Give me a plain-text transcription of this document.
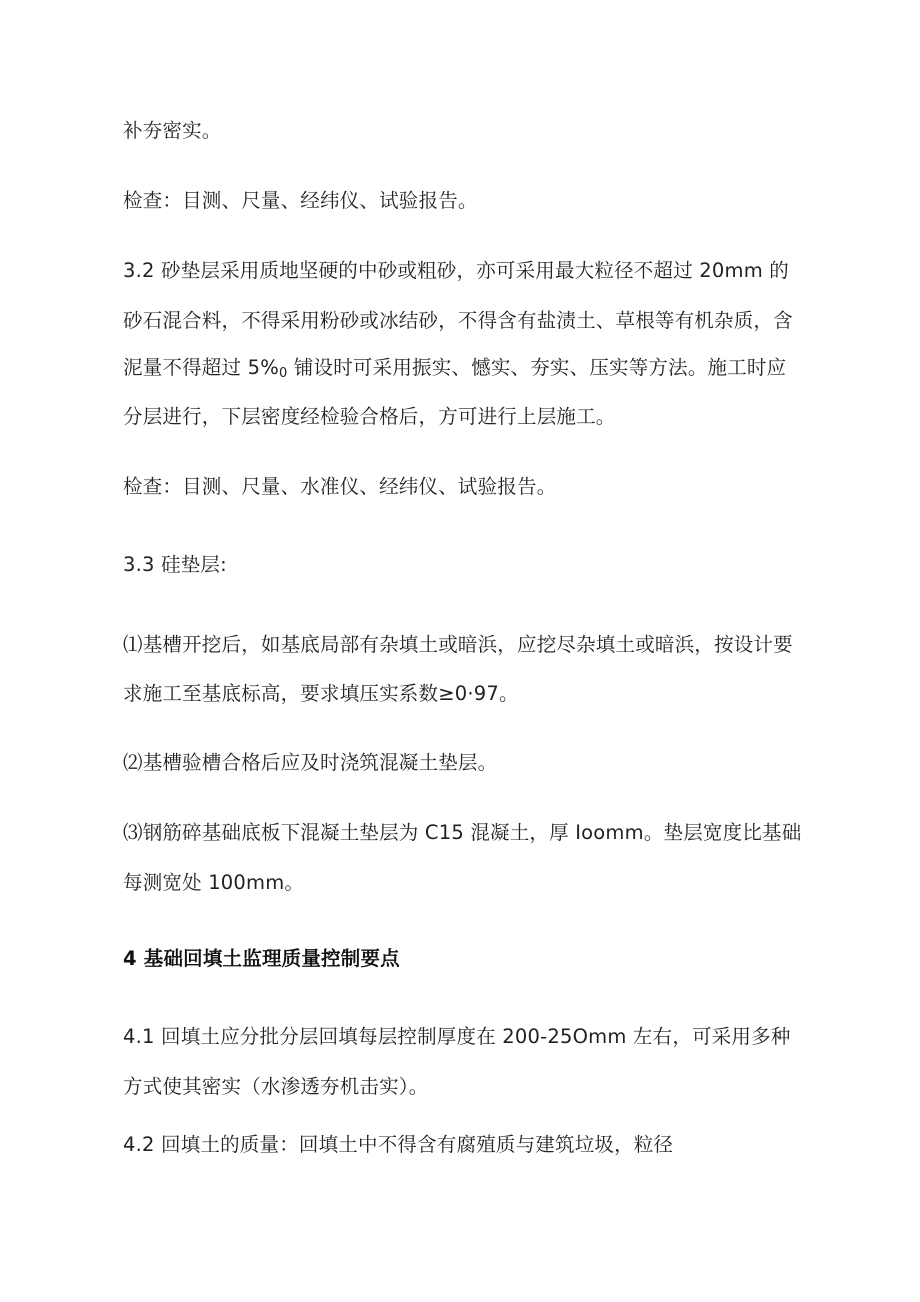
补夯密实。
检查：目测、尺量、经纬仪、试验报告。
3.2 砂垫层采用质地坚硬的中砂或粗砂，亦可采用最大粒径不超过 20mm 的
砂石混合料，不得采用粉砂或冰结砂，不得含有盐渍土、草根等有机杂质，含
泥量不得超过 $5\%_0$ 铺设时可采用振实、憾实、夯实、压实等方法。施工时应
分层进行，下层密度经检验合格后，方可进行上层施工。
检查：目测、尺量、水准仪、经纬仪、试验报告。
3.3 硅垫层:
⑴基槽开挖后，如基底局部有杂填土或暗浜，应挖尽杂填土或暗浜，按设计要
求施工至基底标高，要求填压实系数≥0·97。
⑵基槽验槽合格后应及时浇筑混凝土垫层。
⑶钢筋碎基础底板下混凝土垫层为 C15 混凝土，厚 Ioomm。垫层宽度比基础
每测宽处 100mm。
4 基础回填土监理质量控制要点
4.1 回填土应分批分层回填每层控制厚度在 200-25Omm 左右，可采用多种
方式使其密实（水渗透夯机击实）。
4.2 回填土的质量：回填土中不得含有腐殖质与建筑垃圾，粒径
